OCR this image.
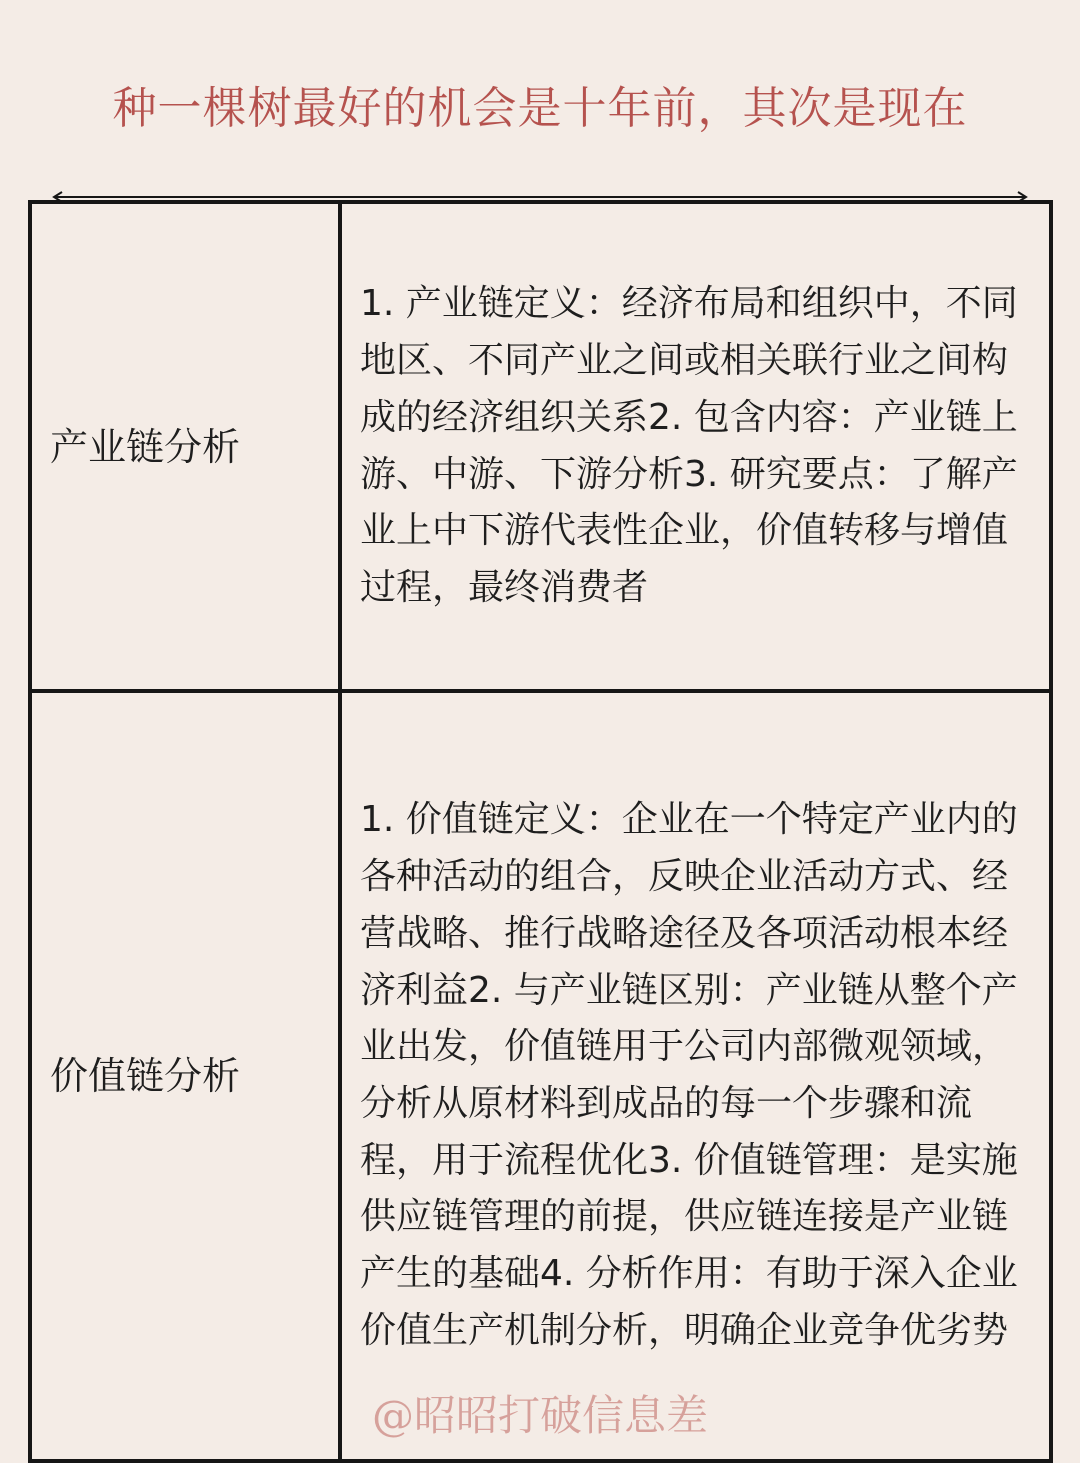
种一棵树最好的机会是十年前，其次是现在
产业链分析	1. 产业链定义：经济布局和组织中，不同地区、不同产业之间或相关联行业之间构成的经济组织关系2. 包含内容：产业链上游、中游、下游分析3. 研究要点：了解产业上中下游代表性企业，价值转移与增值过程，最终消费者
价值链分析	1. 价值链定义：企业在一个特定产业内的各种活动的组合，反映企业活动方式、经营战略、推行战略途径及各项活动根本经济利益2. 与产业链区别：产业链从整个产业出发，价值链用于公司内部微观领域，分析从原材料到成品的每一个步骤和流程，用于流程优化3. 价值链管理：是实施供应链管理的前提，供应链连接是产业链产生的基础4. 分析作用：有助于深入企业价值生产机制分析，明确企业竞争优劣势
@昭昭打破信息差
